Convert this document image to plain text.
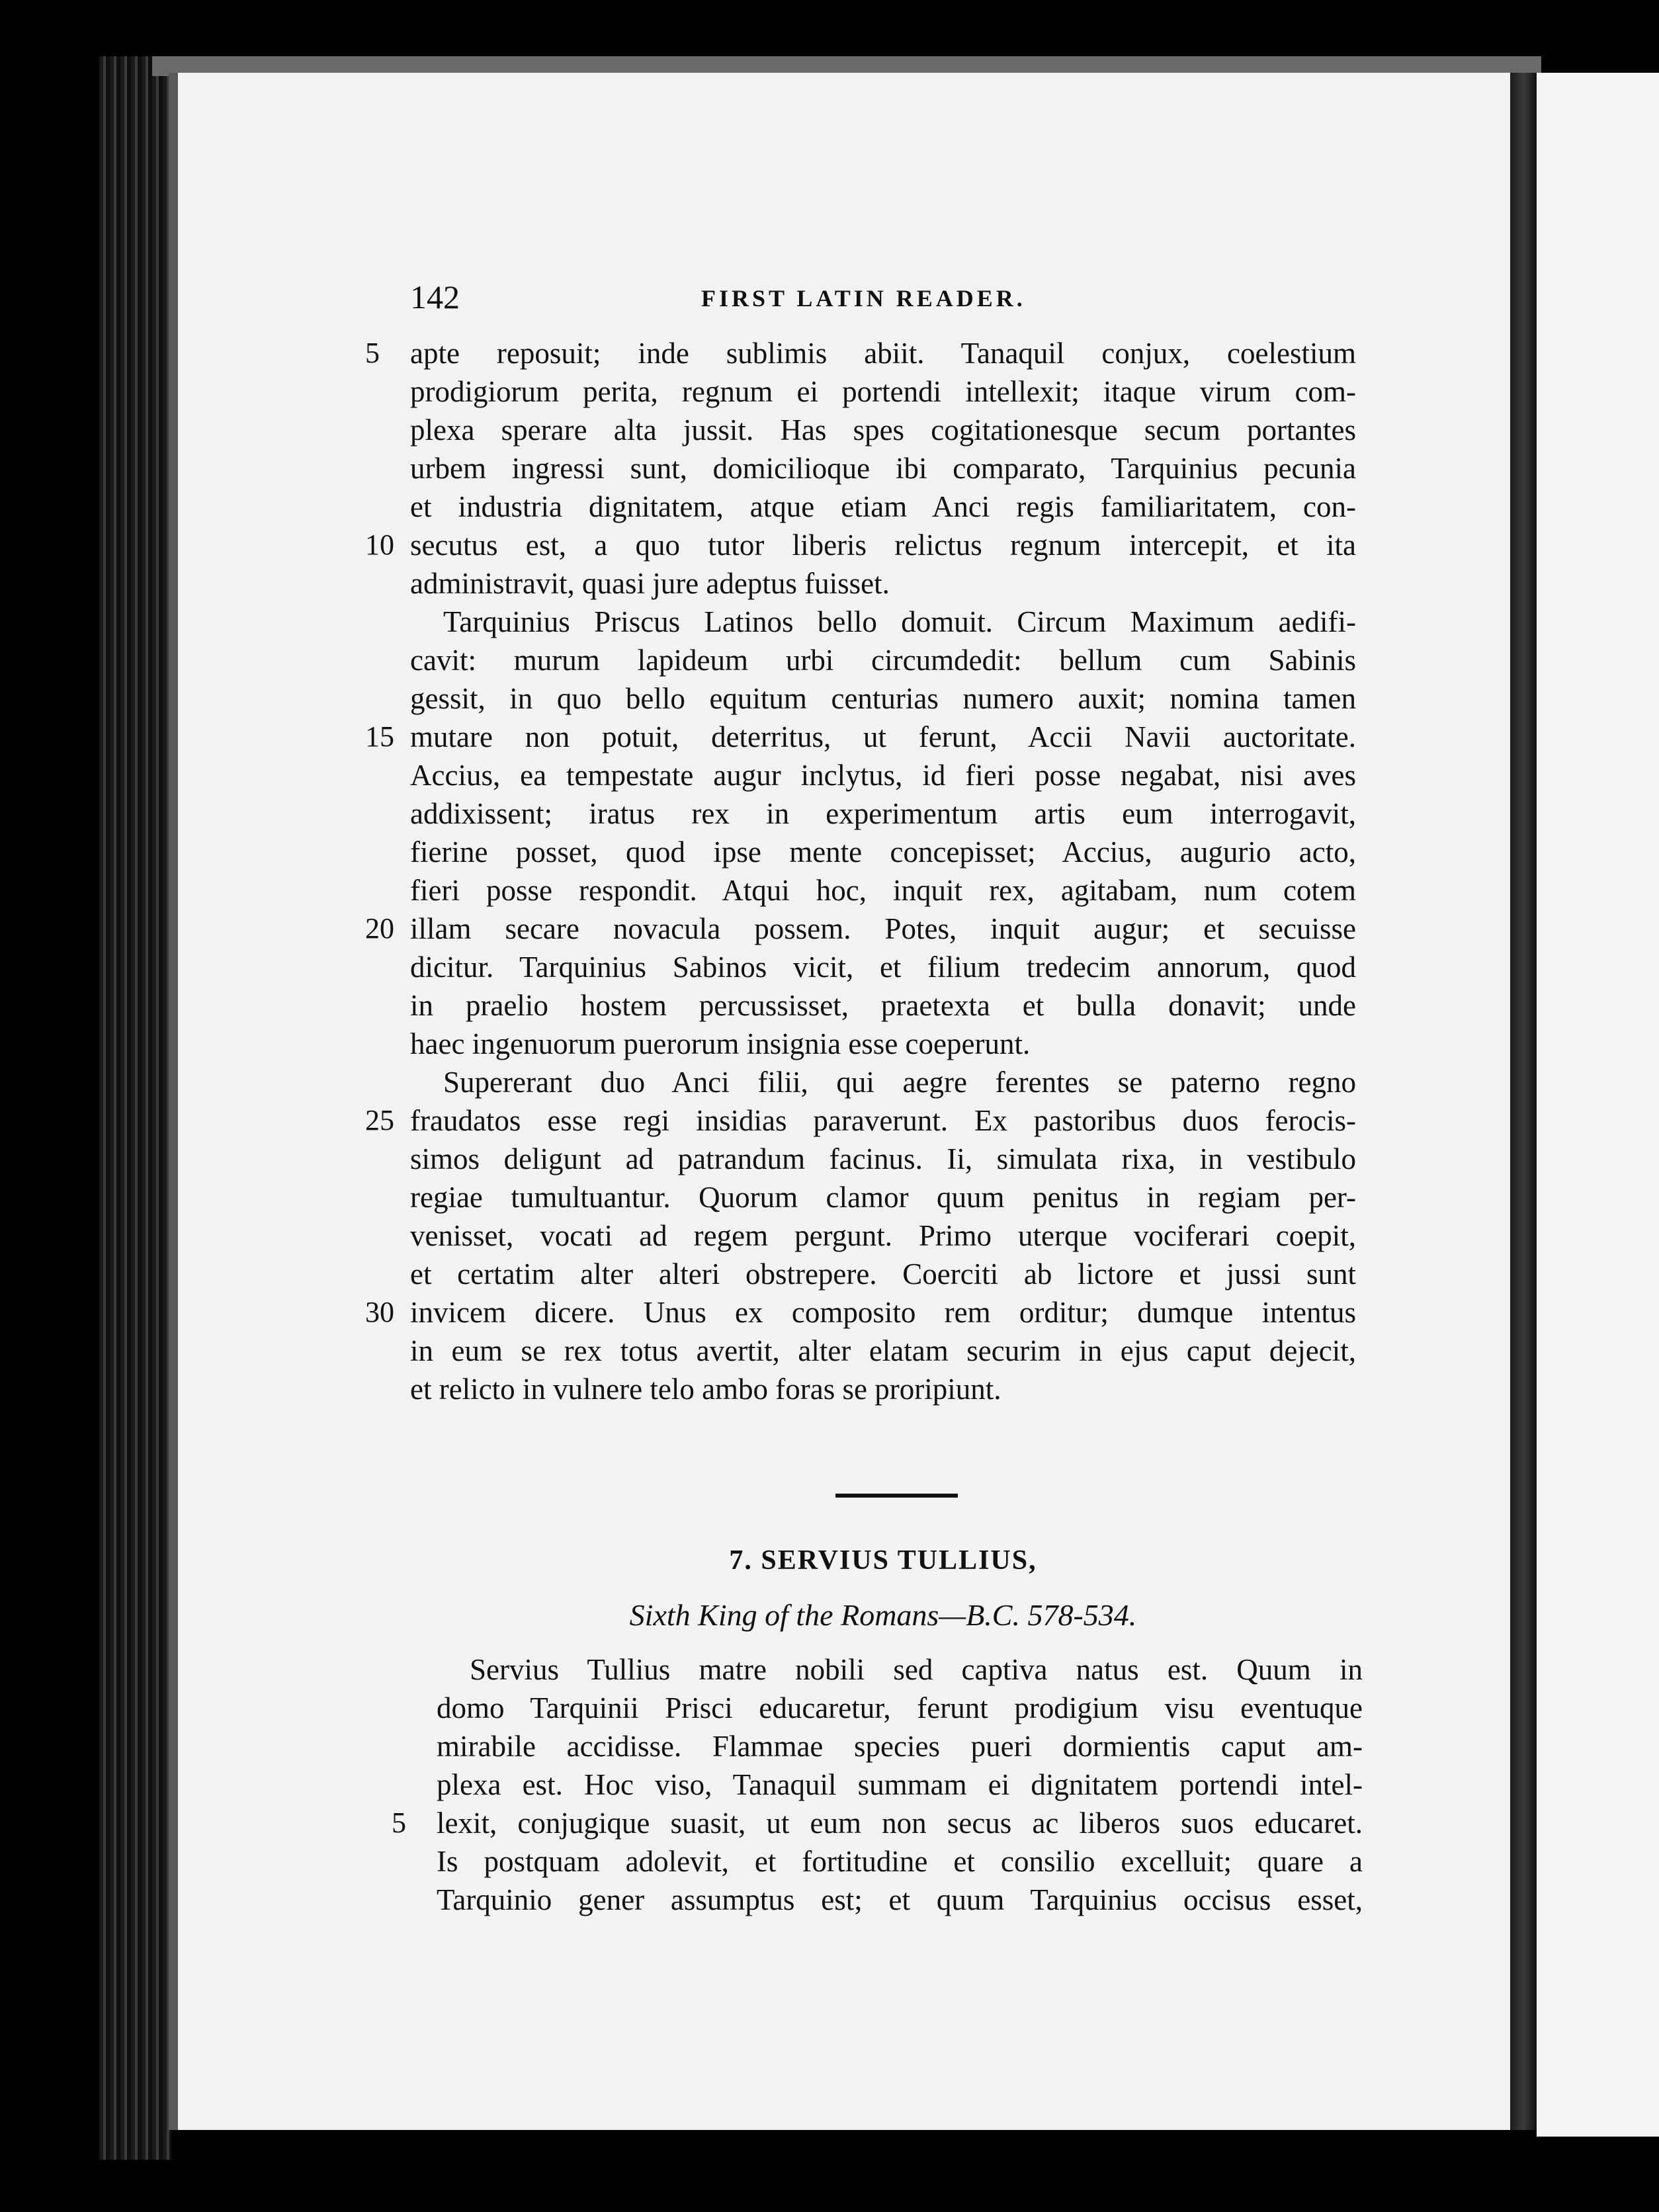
142	FIRST LATIN READER.
5	apte reposuit; inde sublimis abiit. Tanaquil conjux, coelestium
prodigiorum perita, regnum ei portendi intellexit; itaque virum com-
plexa sperare alta jussit. Has spes cogitationesque secum portantes
urbem ingressi sunt, domicilioque ibi comparato, Tarquinius pecunia
et industria dignitatem, atque etiam Anci regis familiaritatem, con-
10 secutus est, a quo tutor liberis relictus regnum intercepit, et ita
administravit, quasi jure adeptus fuisset.
Tarquinius Priscus Latinos bello domuit. Circum Maximum aedifi-
cavit: murum lapideum urbi circumdedit: bellum cum Sabinis
gessit, in quo bello equitum centurias numero auxit; nomina tamen
15 mutare non potuit, deterritus, ut ferunt, Accii Navii auctoritate.
Accius, ea tempestate augur inclytus, id fieri posse negabat, nisi aves
addixissent; iratus rex in experimentum artis eum interrogavit,
fierine posset, quod ipse mente concepisset; Accius, augurio acto,
fieri posse respondit. Atqui hoc, inquit rex, agitabam, num cotem
20 illam secare novacula possem. Potes, inquit augur; et secuisse
dicitur. Tarquinius Sabinos vicit, et filium tredecim annorum, quod
in praelio hostem percussisset, praetexta et bulla donavit; unde
haec ingenuorum puerorum insignia esse coeperunt.
Supererant duo Anci filii, qui aegre ferentes se paterno regno
25 fraudatos esse regi insidias paraverunt. Ex pastoribus duos ferocis-
simos deligunt ad patrandum facinus. Ii, simulata rixa, in vestibulo
regiae tumultuantur. Quorum clamor quum penitus in regiam per-
venisset, vocati ad regem pergunt. Primo uterque vociferari coepit,
et certatim alter alteri obstrepere. Coerciti ab lictore et jussi sunt
30 invicem dicere. Unus ex composito rem orditur; dumque intentus
in eum se rex totus avertit, alter elatam securim in ejus caput dejecit,
et relicto in vulnere telo ambo foras se proripiunt.
7. SERVIUS TULLIUS,
Sixth King of the Romans—B.C. 578-534.
Servius Tullius matre nobili sed captiva natus est. Quum in
domo Tarquinii Prisci educaretur, ferunt prodigium visu eventuque
mirabile accidisse. Flammae species pueri dormientis caput am-
plexa est. Hoc viso, Tanaquil summam ei dignitatem portendi intel-
5	lexit, conjugique suasit, ut eum non secus ac liberos suos educaret.
Is postquam adolevit, et fortitudine et consilio excelluit; quare a
Tarquinio gener assumptus est; et quum Tarquinius occisus esset,
